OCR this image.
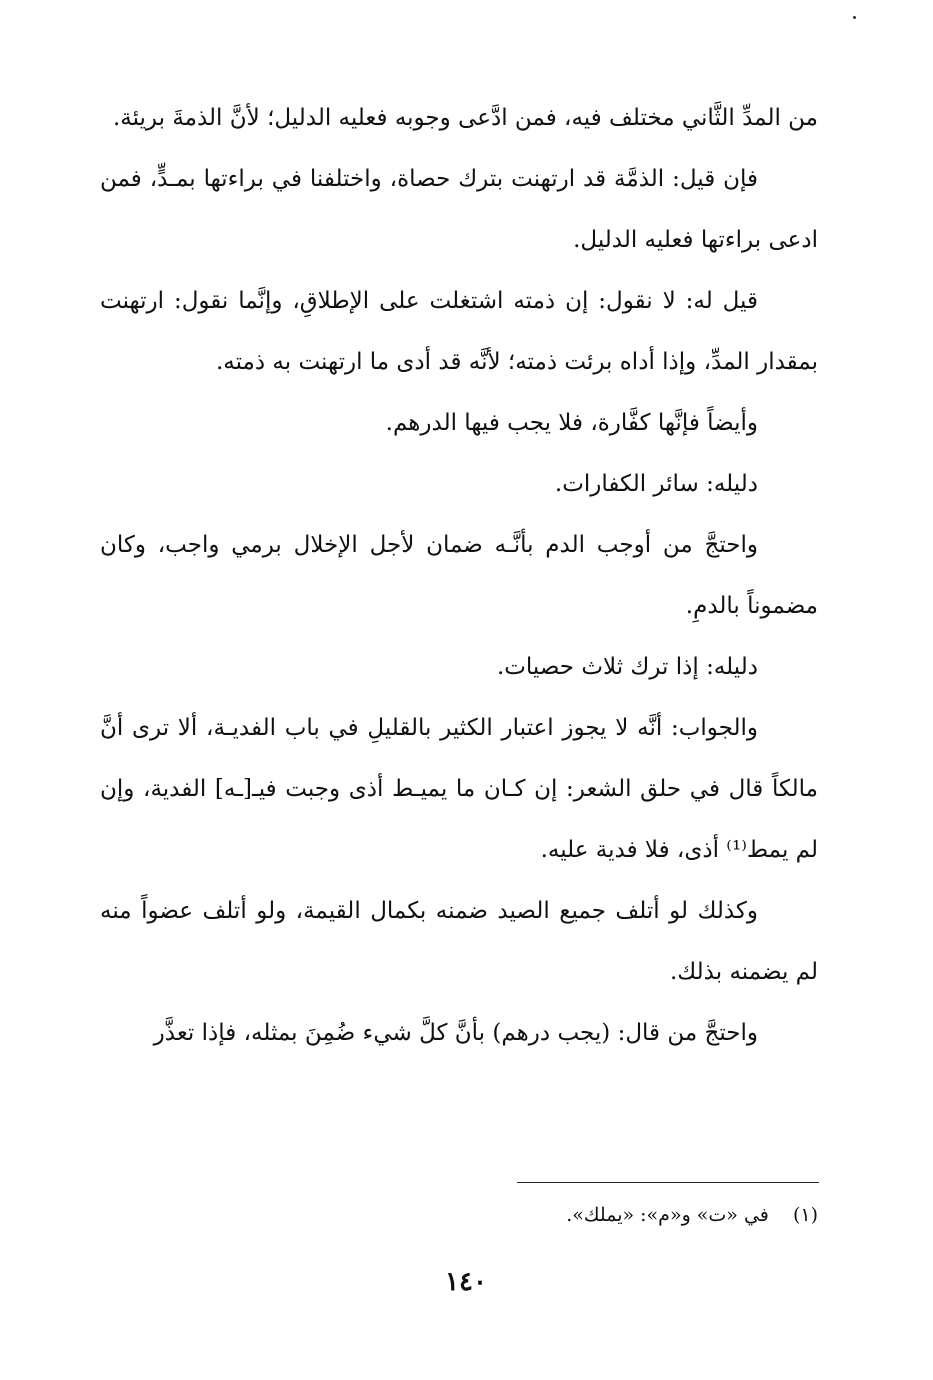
من المدِّ الثَّاني مختلف فيه، فمن ادَّعى وجوبه فعليه الدليل؛ لأنَّ الذمةَ بريئة.

فإن قيل: الذمَّة قد ارتهنت بترك حصاة، واختلفنا في براءتها بمـدٍّ، فمن ادعى براءتها فعليه الدليل.

قيل له: لا نقول: إن ذمته اشتغلت على الإطلاقِ، وإنَّما نقول: ارتهنت بمقدار المدِّ، وإذا أداه برئت ذمته؛ لأنَّه قد أدى ما ارتهنت به ذمته.

وأيضاً فإنَّها كفَّارة، فلا يجب فيها الدرهم.

دليله: سائر الكفارات.

واحتجَّ من أوجب الدم بأنَّـه ضمان لأجل الإخلال برمي واجب، وكان مضموناً بالدمِ.

دليله: إذا ترك ثلاث حصيات.

والجواب: أنَّه لا يجوز اعتبار الكثير بالقليلِ في باب الفديـة، ألا ترى أنَّ مالكاً قال في حلق الشعر: إن كـان ما يميـط أذى وجبت فيـ[ـه] الفدية، وإن لم يمط⁽¹⁾ أذى، فلا فدية عليه.

وكذلك لو أتلف جميع الصيد ضمنه بكمال القيمة، ولو أتلف عضواً منه لم يضمنه بذلك.

واحتجَّ من قال: (يجب درهم) بأنَّ كلَّ شيء ضُمِنَ بمثله، فإذا تعذَّر

(١) في «ت» و«م»: «يملك».
١٤٠
